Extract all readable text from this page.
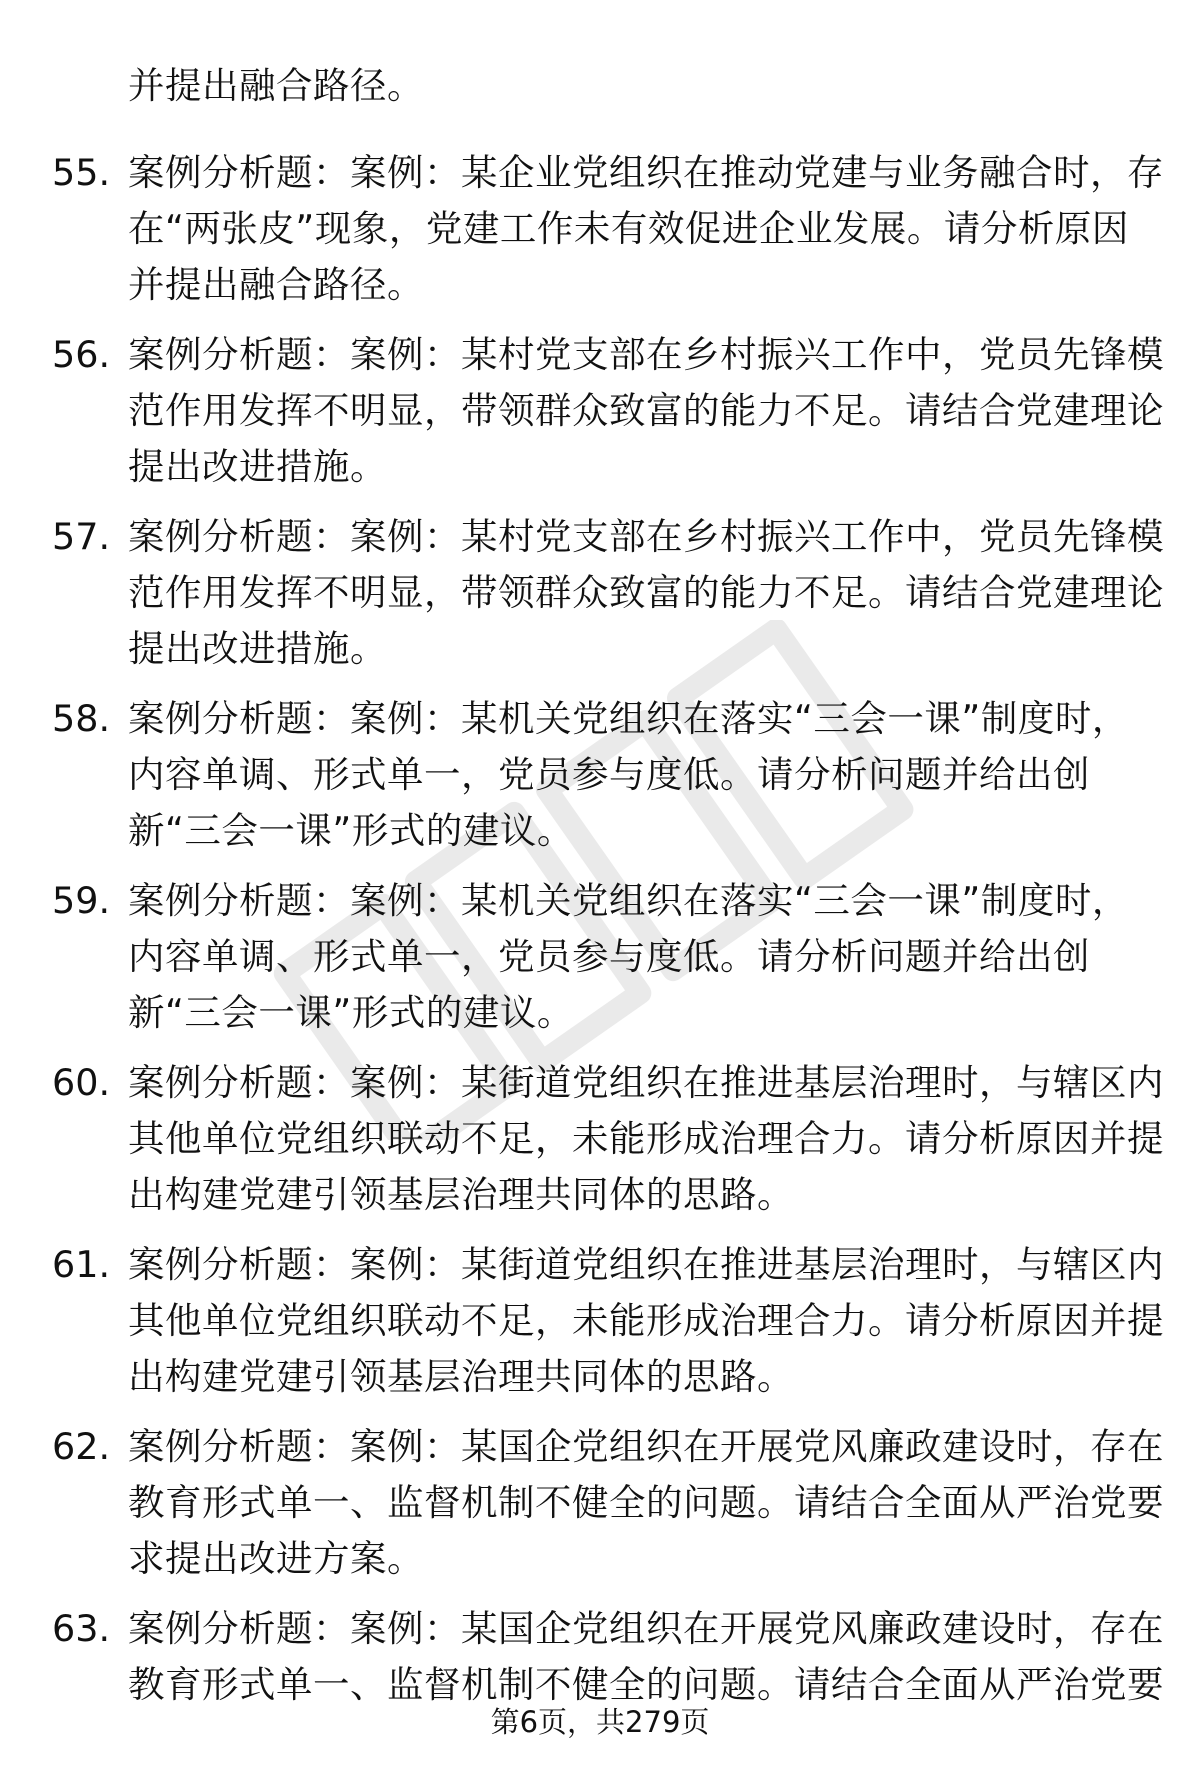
并提出融合路径。
55. 案例分析题：案例：某企业党组织在推动党建与业务融合时，存
在“两张皮”现象，党建工作未有效促进企业发展。请分析原因
并提出融合路径。
56. 案例分析题：案例：某村党支部在乡村振兴工作中，党员先锋模
范作用发挥不明显，带领群众致富的能力不足。请结合党建理论
提出改进措施。
57. 案例分析题：案例：某村党支部在乡村振兴工作中，党员先锋模
范作用发挥不明显，带领群众致富的能力不足。请结合党建理论
提出改进措施。
58. 案例分析题：案例：某机关党组织在落实“三会一课”制度时，
内容单调、形式单一，党员参与度低。请分析问题并给出创
新“三会一课”形式的建议。
59. 案例分析题：案例：某机关党组织在落实“三会一课”制度时，
内容单调、形式单一，党员参与度低。请分析问题并给出创
新“三会一课”形式的建议。
60. 案例分析题：案例：某街道党组织在推进基层治理时，与辖区内
其他单位党组织联动不足，未能形成治理合力。请分析原因并提
出构建党建引领基层治理共同体的思路。
61. 案例分析题：案例：某街道党组织在推进基层治理时，与辖区内
其他单位党组织联动不足，未能形成治理合力。请分析原因并提
出构建党建引领基层治理共同体的思路。
62. 案例分析题：案例：某国企党组织在开展党风廉政建设时，存在
教育形式单一、监督机制不健全的问题。请结合全面从严治党要
求提出改进方案。
63. 案例分析题：案例：某国企党组织在开展党风廉政建设时，存在
教育形式单一、监督机制不健全的问题。请结合全面从严治党要
第6页，共279页
